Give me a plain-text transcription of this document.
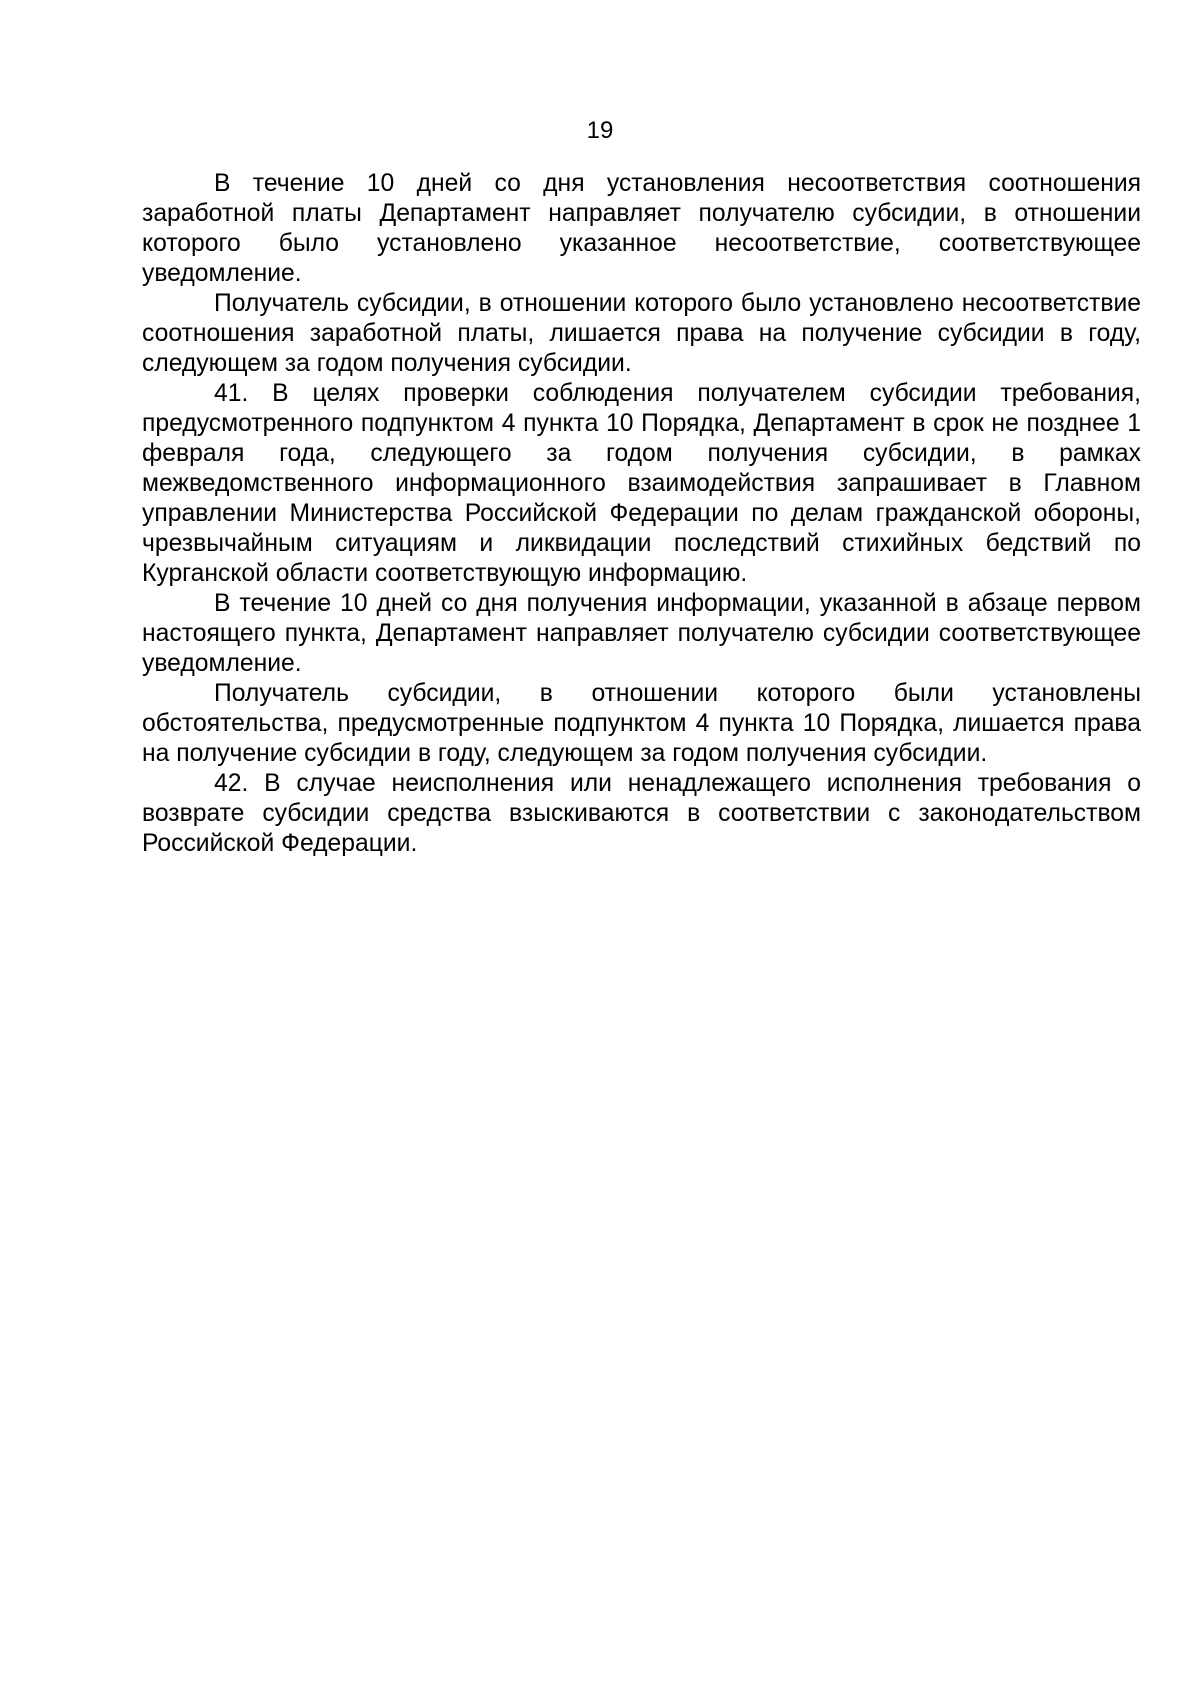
19

В течение 10 дней со дня установления несоответствия соотношения заработной платы Департамент направляет получателю субсидии, в отношении которого было установлено указанное несоответствие, соответствующее уведомление.

Получатель субсидии, в отношении которого было установлено несоответствие соотношения заработной платы, лишается права на получение субсидии в году, следующем за годом получения субсидии.

41. В целях проверки соблюдения получателем субсидии требования, предусмотренного подпунктом 4 пункта 10 Порядка, Департамент в срок не позднее 1 февраля года, следующего за годом получения субсидии, в рамках межведомственного информационного взаимодействия запрашивает в Главном управлении Министерства Российской Федерации по делам гражданской обороны, чрезвычайным ситуациям и ликвидации последствий стихийных бедствий по Курганской области соответствующую информацию.

В течение 10 дней со дня получения информации, указанной в абзаце первом настоящего пункта, Департамент направляет получателю субсидии соответствующее уведомление.

Получатель субсидии, в отношении которого были установлены обстоятельства, предусмотренные подпунктом 4 пункта 10 Порядка, лишается права на получение субсидии в году, следующем за годом получения субсидии.

42. В случае неисполнения или ненадлежащего исполнения требования о возврате субсидии средства взыскиваются в соответствии с законодательством Российской Федерации.
